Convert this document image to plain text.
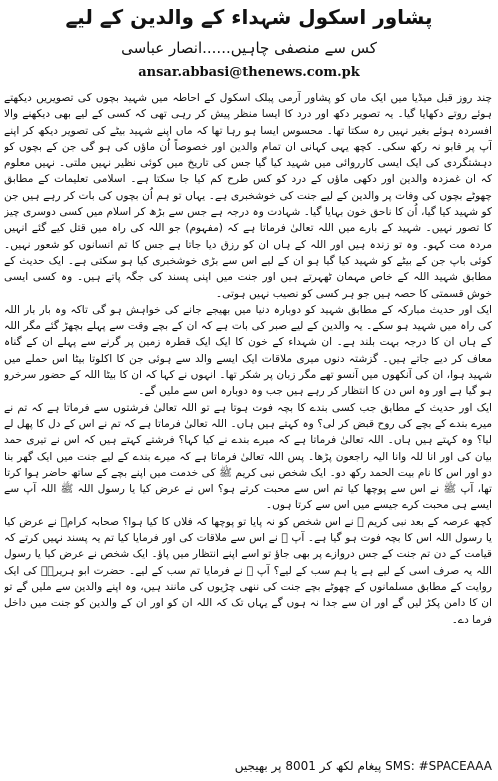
پشاور اسکول شہداء کے والدین کے لیے
کس سے منصفی چاہیں......انصار عباسی
ansar.abbasi@thenews.com.pk

چند روز قبل میڈیا میں ایک ماں کو پشاور آرمی پبلک اسکول کے احاطہ میں شہید بچوں کی تصویریں دیکھتے ہوئے روتے دکھایا گیا۔ یہ تصویر دکھ اور درد کا ایسا منظر پیش کر رہی تھی کہ کسی کے لیے بھی دیکھنے والا افسردہ ہوئے بغیر نہیں رہ سکتا تھا۔ محسوس ایسا ہو رہا تھا کہ ماں اپنے شہید بیٹے کی تصویر دیکھ کر اپنے آپ پر قابو نہ رکھ سکی۔ کچھ یہی کہانی ان تمام والدین اور خصوصاً اُن ماؤں کی ہو گی جن کے بچوں کو دہشتگردی کی ایک ایسی کارروائی میں شہید کیا گیا جس کی تاریخ میں کوئی نظیر نہیں ملتی۔ نہیں معلوم کہ ان غمزدہ والدین اور دکھی ماؤں کے درد کو کس طرح کم کیا جا سکتا ہے۔ اسلامی تعلیمات کے مطابق چھوٹے بچوں کی وفات پر والدین کے لیے جنت کی خوشخبری ہے۔ یہاں تو ہم اُن بچوں کی بات کر رہے ہیں جن کو شہید کیا گیا، اُن کا ناحق خون بہایا گیا۔ شہادت وہ درجہ ہے جس سے بڑھ کر اسلام میں کسی دوسری چیز کا تصور نہیں۔ شہید کے بارے میں اللہ تعالیٰ فرماتا ہے کہ (مفہوم) جو اللہ کی راہ میں قتل کیے گئے انہیں مردہ مت کہو۔ وہ تو زندہ ہیں اور اللہ کے ہاں ان کو رزق دیا جاتا ہے جس کا تم انسانوں کو شعور نہیں۔ کوئی باپ جن کے بیٹے کو شہید کیا گیا ہو ان کے لیے اس سے بڑی خوشخبری کیا ہو سکتی ہے۔ ایک حدیث کے مطابق شہید اللہ کے خاص مہمان ٹھہرتے ہیں اور جنت میں اپنی پسند کی جگہ پاتے ہیں۔ وہ کسی ایسی خوش قسمتی کا حصہ ہیں جو ہر کسی کو نصیب نہیں ہوتی۔

ایک اور حدیث مبارکہ کے مطابق شہید کو دوبارہ دنیا میں بھیجے جانے کی خواہش ہو گی تاکہ وہ بار بار اللہ کی راہ میں شہید ہو سکے۔ یہ والدین کے لیے صبر کی بات ہے کہ ان کے بچے وقت سے پہلے بچھڑ گئے مگر اللہ کے ہاں ان کا درجہ بہت بلند ہے۔ ان شہداء کے خون کا ایک ایک قطرہ زمین پر گرنے سے پہلے ان کے گناہ معاف کر دیے جاتے ہیں۔ گزشتہ دنوں میری ملاقات ایک ایسے والد سے ہوئی جن کا اکلوتا بیٹا اس حملے میں شہید ہوا، ان کی آنکھوں میں آنسو تھے مگر زبان پر شکر تھا۔ انہوں نے کہا کہ ان کا بیٹا اللہ کے حضور سرخرو ہو گیا ہے اور وہ اس دن کا انتظار کر رہے ہیں جب وہ دوبارہ اس سے ملیں گے۔

ایک اور حدیث کے مطابق جب کسی بندے کا بچہ فوت ہوتا ہے تو اللہ تعالیٰ فرشتوں سے فرماتا ہے کہ تم نے میرے بندے کے بچے کی روح قبض کر لی؟ وہ کہتے ہیں ہاں۔ اللہ تعالیٰ فرماتا ہے کہ تم نے اس کے دل کا پھل لے لیا؟ وہ کہتے ہیں ہاں۔ اللہ تعالیٰ فرماتا ہے کہ میرے بندے نے کیا کہا؟ فرشتے کہتے ہیں کہ اس نے تیری حمد بیان کی اور انا للہ وانا الیہ راجعون پڑھا۔ پس اللہ تعالیٰ فرماتا ہے کہ میرے بندے کے لیے جنت میں ایک گھر بنا دو اور اس کا نام بیت الحمد رکھ دو۔ ایک شخص نبی کریم ﷺ کی خدمت میں اپنے بچے کے ساتھ حاضر ہوا کرتا تھا، آپ ﷺ نے اس سے پوچھا کیا تم اس سے محبت کرتے ہو؟ اس نے عرض کیا یا رسول اللہ ﷺ اللہ آپ سے ایسے ہی محبت کرے جیسے میں اس سے کرتا ہوں۔

کچھ عرصہ کے بعد نبی کریم ﷺ نے اس شخص کو نہ پایا تو پوچھا کہ فلاں کا کیا ہوا؟ صحابہ کرامؓ نے عرض کیا یا رسول اللہ اس کا بچہ فوت ہو گیا ہے۔ آپ ﷺ نے اس سے ملاقات کی اور فرمایا کیا تم یہ پسند نہیں کرتے کہ قیامت کے دن تم جنت کے جس دروازے پر بھی جاؤ تو اسے اپنے انتظار میں پاؤ۔ ایک شخص نے عرض کیا یا رسول اللہ یہ صرف اسی کے لیے ہے یا ہم سب کے لیے؟ آپ ﷺ نے فرمایا تم سب کے لیے۔ حضرت ابو ہریرہؓ کی ایک روایت کے مطابق مسلمانوں کے چھوٹے بچے جنت کی ننھی چڑیوں کی مانند ہیں، وہ اپنے والدین سے ملیں گے تو ان کا دامن پکڑ لیں گے اور ان سے جدا نہ ہوں گے یہاں تک کہ اللہ ان کو اور ان کے والدین کو جنت میں داخل فرما دے۔

SMS: #SPACEAAA پیغام لکھ کر 8001 پر بھیجیں
